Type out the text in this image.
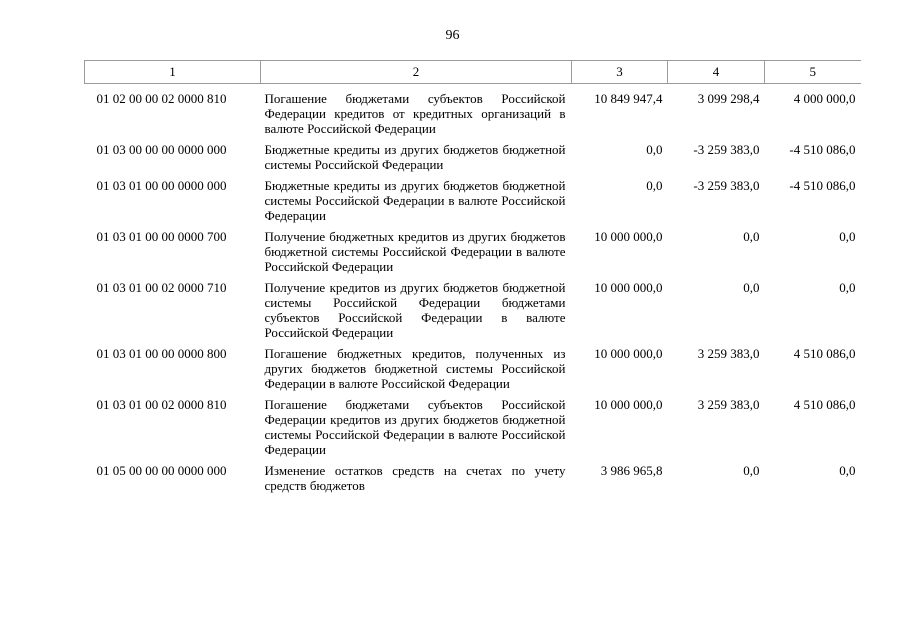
96
1	2	3	4	5
01 02 00 00 02 0000 810	Погашение бюджетами субъектов Российской Федерации кредитов от кредитных организаций в валюте Российской Федерации	10 849 947,4	3 099 298,4	4 000 000,0
01 03 00 00 00 0000 000	Бюджетные кредиты из других бюджетов бюджетной системы Российской Федерации	0,0	-3 259 383,0	-4 510 086,0
01 03 01 00 00 0000 000	Бюджетные кредиты из других бюджетов бюджетной системы Российской Федерации в валюте Российской Федерации	0,0	-3 259 383,0	-4 510 086,0
01 03 01 00 00 0000 700	Получение бюджетных кредитов из других бюджетов бюджетной системы Российской Федерации в валюте Российской Федерации	10 000 000,0	0,0	0,0
01 03 01 00 02 0000 710	Получение кредитов из других бюджетов бюджетной системы Российской Федерации бюджетами субъектов Российской Федерации в валюте Российской Федерации	10 000 000,0	0,0	0,0
01 03 01 00 00 0000 800	Погашение бюджетных кредитов, полученных из других бюджетов бюджетной системы Российской Федерации в валюте Российской Федерации	10 000 000,0	3 259 383,0	4 510 086,0
01 03 01 00 02 0000 810	Погашение бюджетами субъектов Российской Федерации кредитов из других бюджетов бюджетной системы Российской Федерации в валюте Российской Федерации	10 000 000,0	3 259 383,0	4 510 086,0
01 05 00 00 00 0000 000	Изменение остатков средств на счетах по учету средств бюджетов	3 986 965,8	0,0	0,0
